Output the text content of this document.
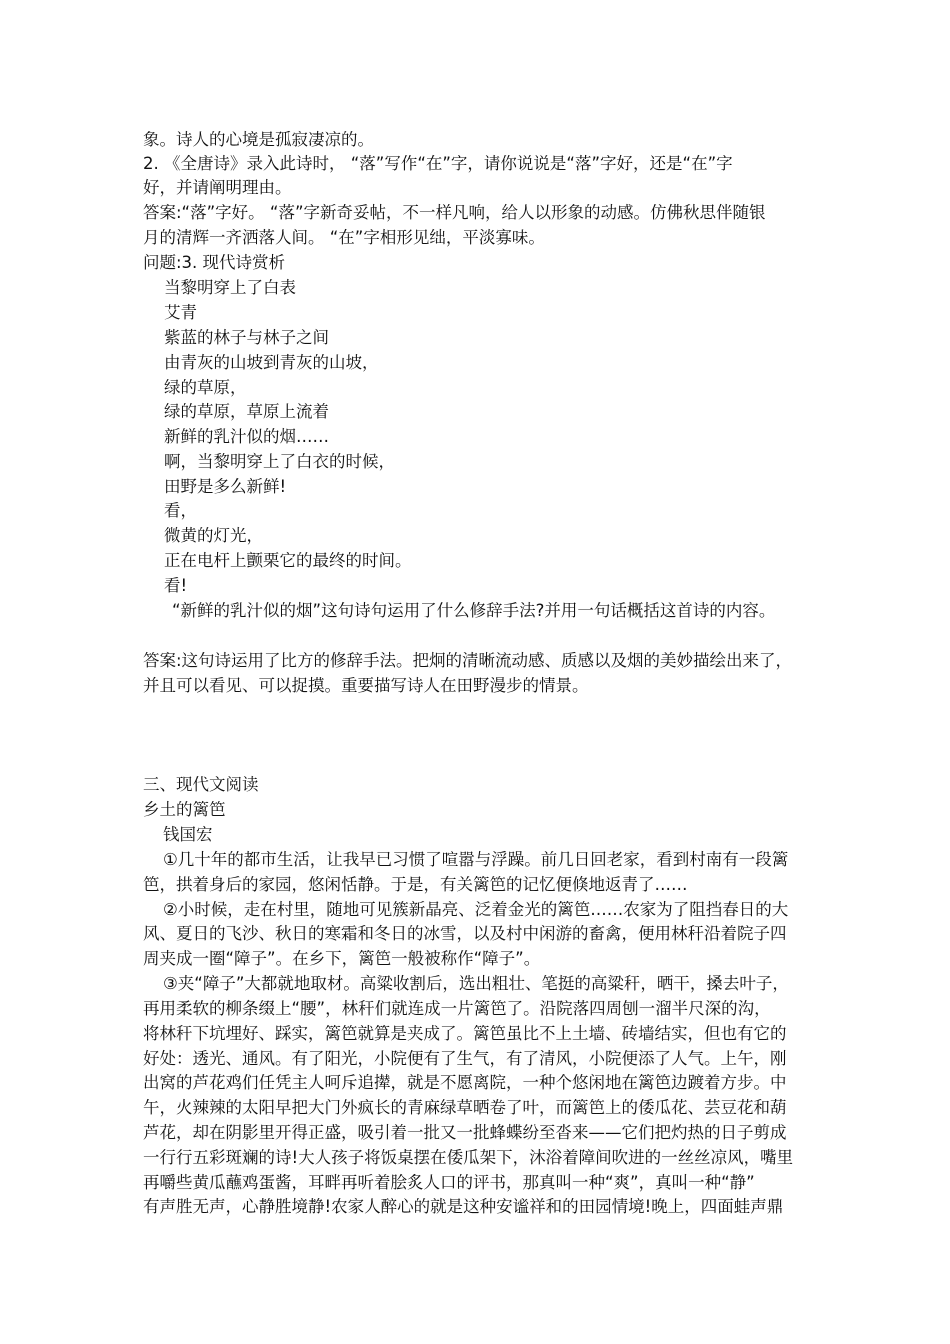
象。诗人的心境是孤寂凄凉的。
2. 《全唐诗》录入此诗时， “落”写作“在”字，请你说说是“落”字好，还是“在”字
好，并请阐明理由。
答案:“落”字好。 “落”字新奇妥帖，不一样凡响，给人以形象的动感。仿佛秋思伴随银
月的清辉一齐洒落人间。 “在”字相形见绌，平淡寡味。
问题:3. 现代诗赏析
当黎明穿上了白表
艾青
紫蓝的林子与林子之间
由青灰的山坡到青灰的山坡，
绿的草原，
绿的草原，草原上流着
新鲜的乳汁似的烟……
啊，当黎明穿上了白衣的时候，
田野是多么新鲜!
看，
微黄的灯光，
正在电杆上颤栗它的最终的时间。
看!
“新鲜的乳汁似的烟”这句诗句运用了什么修辞手法?并用一句话概括这首诗的内容。
答案:这句诗运用了比方的修辞手法。把炯的清晰流动感、质感以及烟的美妙描绘出来了，
并且可以看见、可以捉摸。重要描写诗人在田野漫步的情景。
三、现代文阅读
乡土的篱笆
钱国宏
①几十年的都市生活，让我早已习惯了喧嚣与浮躁。前几日回老家，看到村南有一段篱
笆，拱着身后的家园，悠闲恬静。于是，有关篱笆的记忆便倏地返青了……
②小时候，走在村里，随地可见簇新晶亮、泛着金光的篱笆……农家为了阻挡春日的大
风、夏日的飞沙、秋日的寒霜和冬日的冰雪，以及村中闲游的畜禽，便用林秆沿着院子四
周夹成一圈“障子”。在乡下，篱笆一般被称作“障子”。
③夹“障子”大都就地取材。高粱收割后，选出粗壮、笔挺的高粱秆，晒干，搡去叶子，
再用柔软的柳条缀上“腰”，林秆们就连成一片篱笆了。沿院落四周刨一溜半尺深的沟，
将林秆下坑埋好、踩实，篱笆就算是夹成了。篱笆虽比不上土墙、砖墙结实，但也有它的
好处：透光、通风。有了阳光，小院便有了生气，有了清风，小院便添了人气。上午，刚
出窝的芦花鸡们任凭主人呵斥追撵，就是不愿离院，一种个悠闲地在篱笆边踱着方步。中
午，火辣辣的太阳早把大门外疯长的青麻绿草晒卷了叶，而篱笆上的倭瓜花、芸豆花和葫
芦花，却在阴影里开得正盛，吸引着一批又一批蜂蝶纷至沓来——它们把灼热的日子剪成
一行行五彩斑斓的诗!大人孩子将饭桌摆在倭瓜架下，沐浴着障间吹进的一丝丝凉风，嘴里
再嚼些黄瓜蘸鸡蛋酱，耳畔再听着脍炙人口的评书，那真叫一种“爽”，真叫一种“静”
有声胜无声，心静胜境静!农家人醉心的就是这种安谧祥和的田园情境!晚上，四面蛙声鼎
